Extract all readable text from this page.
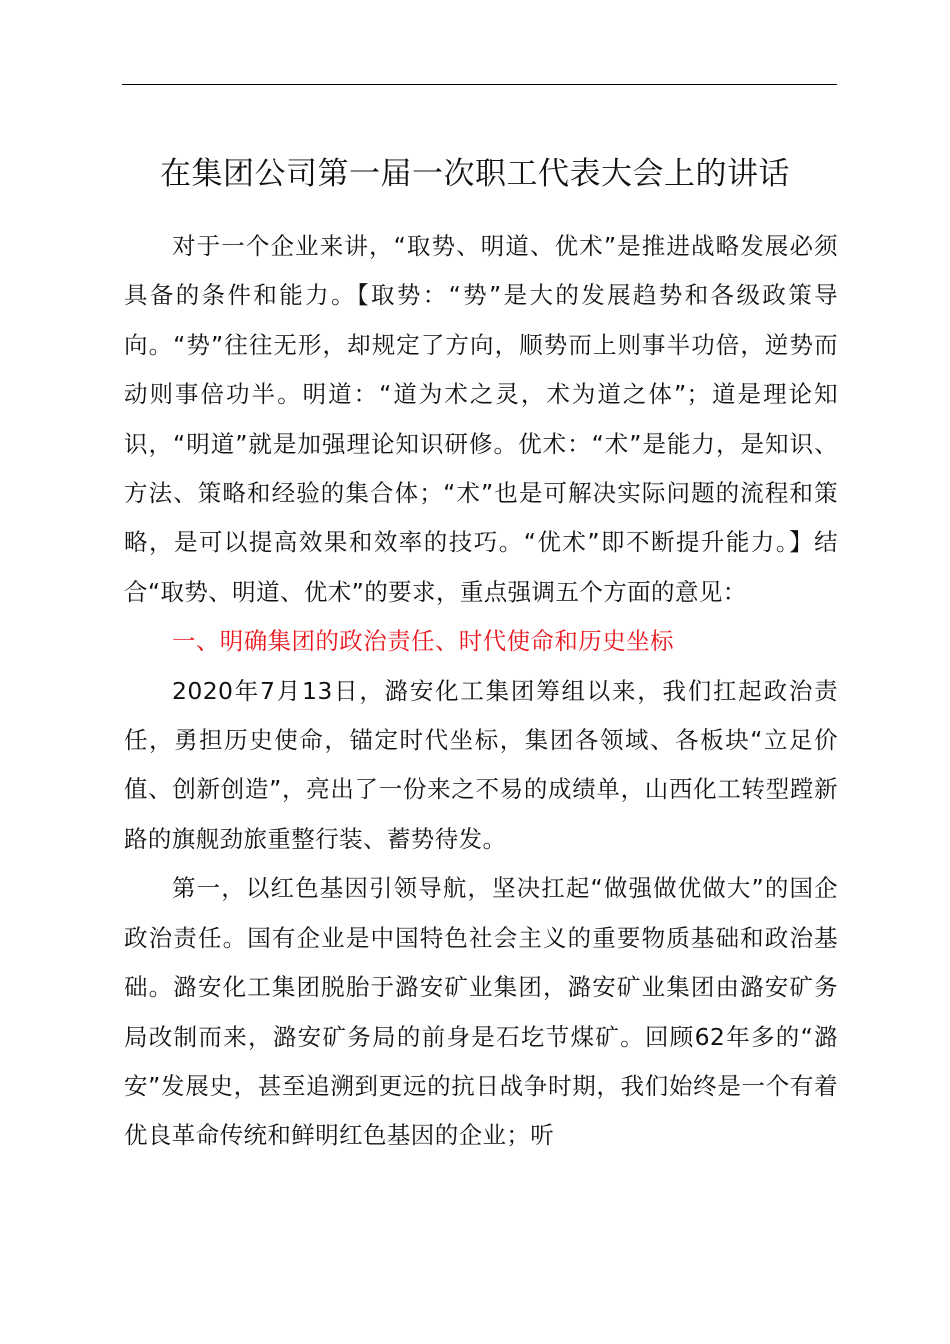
在集团公司第一届一次职工代表大会上的讲话

对于一个企业来讲，“取势、明道、优术”是推进战略发展必须具备的条件和能力。【取势：“势”是大的发展趋势和各级政策导向。“势”往往无形，却规定了方向，顺势而上则事半功倍，逆势而动则事倍功半。明道：“道为术之灵，术为道之体”；道是理论知识，“明道”就是加强理论知识研修。优术：“术”是能力，是知识、方法、策略和经验的集合体；“术”也是可解决实际问题的流程和策略，是可以提高效果和效率的技巧。“优术”即不断提升能力。】结合“取势、明道、优术”的要求，重点强调五个方面的意见：

一、明确集团的政治责任、时代使命和历史坐标

2020年7月13日，潞安化工集团筹组以来，我们扛起政治责任，勇担历史使命，锚定时代坐标，集团各领域、各板块“立足价值、创新创造”，亮出了一份来之不易的成绩单，山西化工转型蹚新路的旗舰劲旅重整行装、蓄势待发。

第一，以红色基因引领导航，坚决扛起“做强做优做大”的国企政治责任。国有企业是中国特色社会主义的重要物质基础和政治基础。潞安化工集团脱胎于潞安矿业集团，潞安矿业集团由潞安矿务局改制而来，潞安矿务局的前身是石圪节煤矿。回顾62年多的“潞安”发展史，甚至追溯到更远的抗日战争时期，我们始终是一个有着优良革命传统和鲜明红色基因的企业；听
